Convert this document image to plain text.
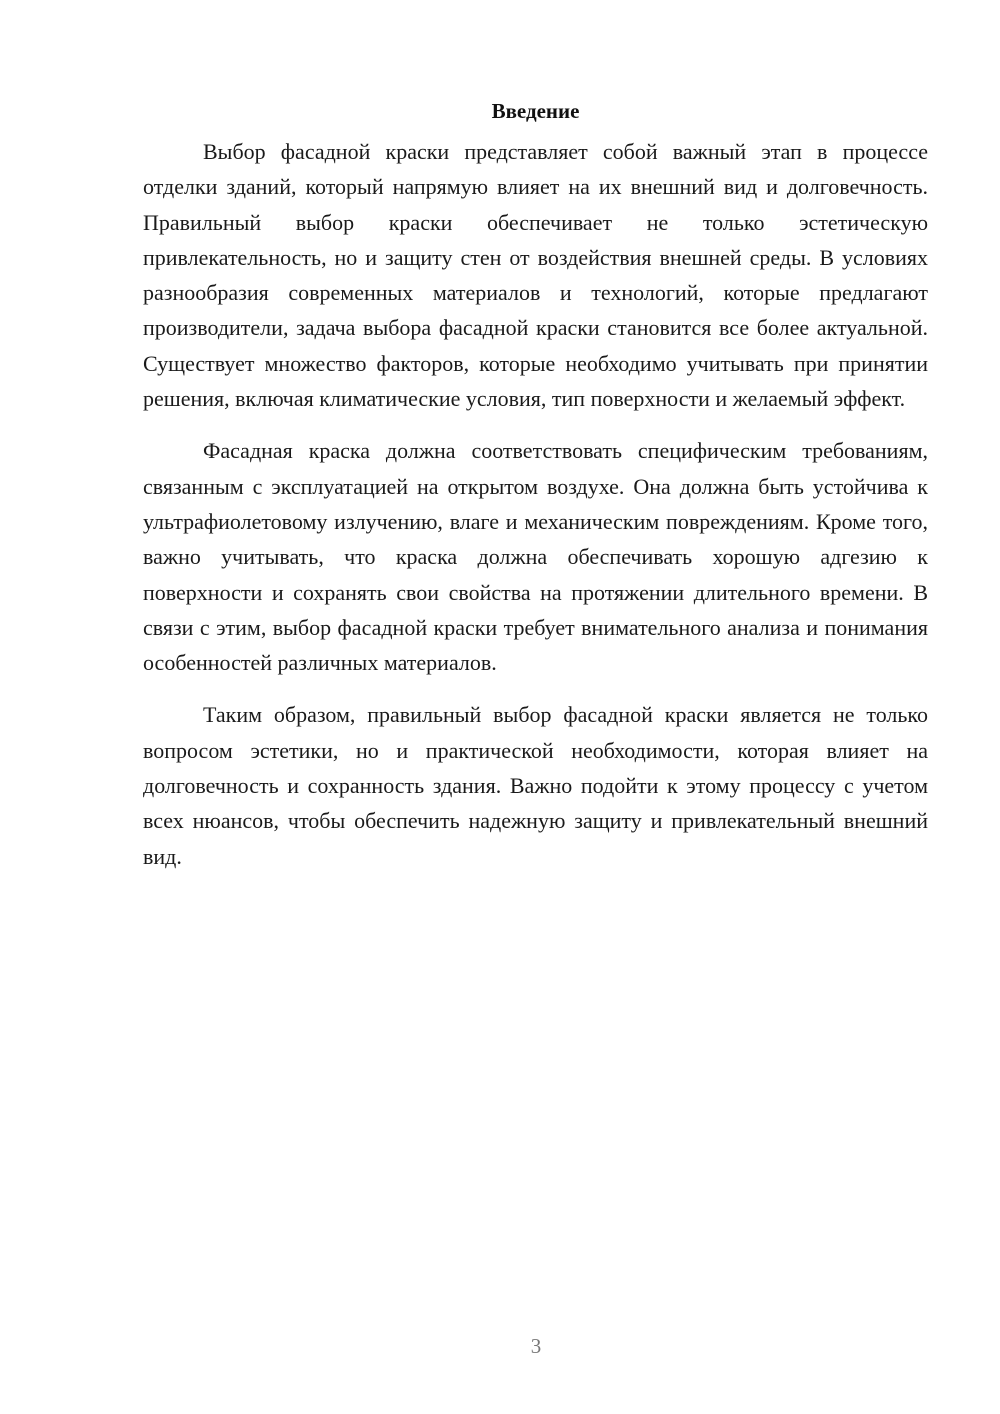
Введение

Выбор фасадной краски представляет собой важный этап в процессе отделки зданий, который напрямую влияет на их внешний вид и долговечность. Правильный выбор краски обеспечивает не только эстетическую привлекательность, но и защиту стен от воздействия внешней среды. В условиях разнообразия современных материалов и технологий, которые предлагают производители, задача выбора фасадной краски становится все более актуальной. Существует множество факторов, которые необходимо учитывать при принятии решения, включая климатические условия, тип поверхности и желаемый эффект.

Фасадная краска должна соответствовать специфическим требованиям, связанным с эксплуатацией на открытом воздухе. Она должна быть устойчива к ультрафиолетовому излучению, влаге и механическим повреждениям. Кроме того, важно учитывать, что краска должна обеспечивать хорошую адгезию к поверхности и сохранять свои свойства на протяжении длительного времени. В связи с этим, выбор фасадной краски требует внимательного анализа и понимания особенностей различных материалов.

Таким образом, правильный выбор фасадной краски является не только вопросом эстетики, но и практической необходимости, которая влияет на долговечность и сохранность здания. Важно подойти к этому процессу с учетом всех нюансов, чтобы обеспечить надежную защиту и привлекательный внешний вид.

3
